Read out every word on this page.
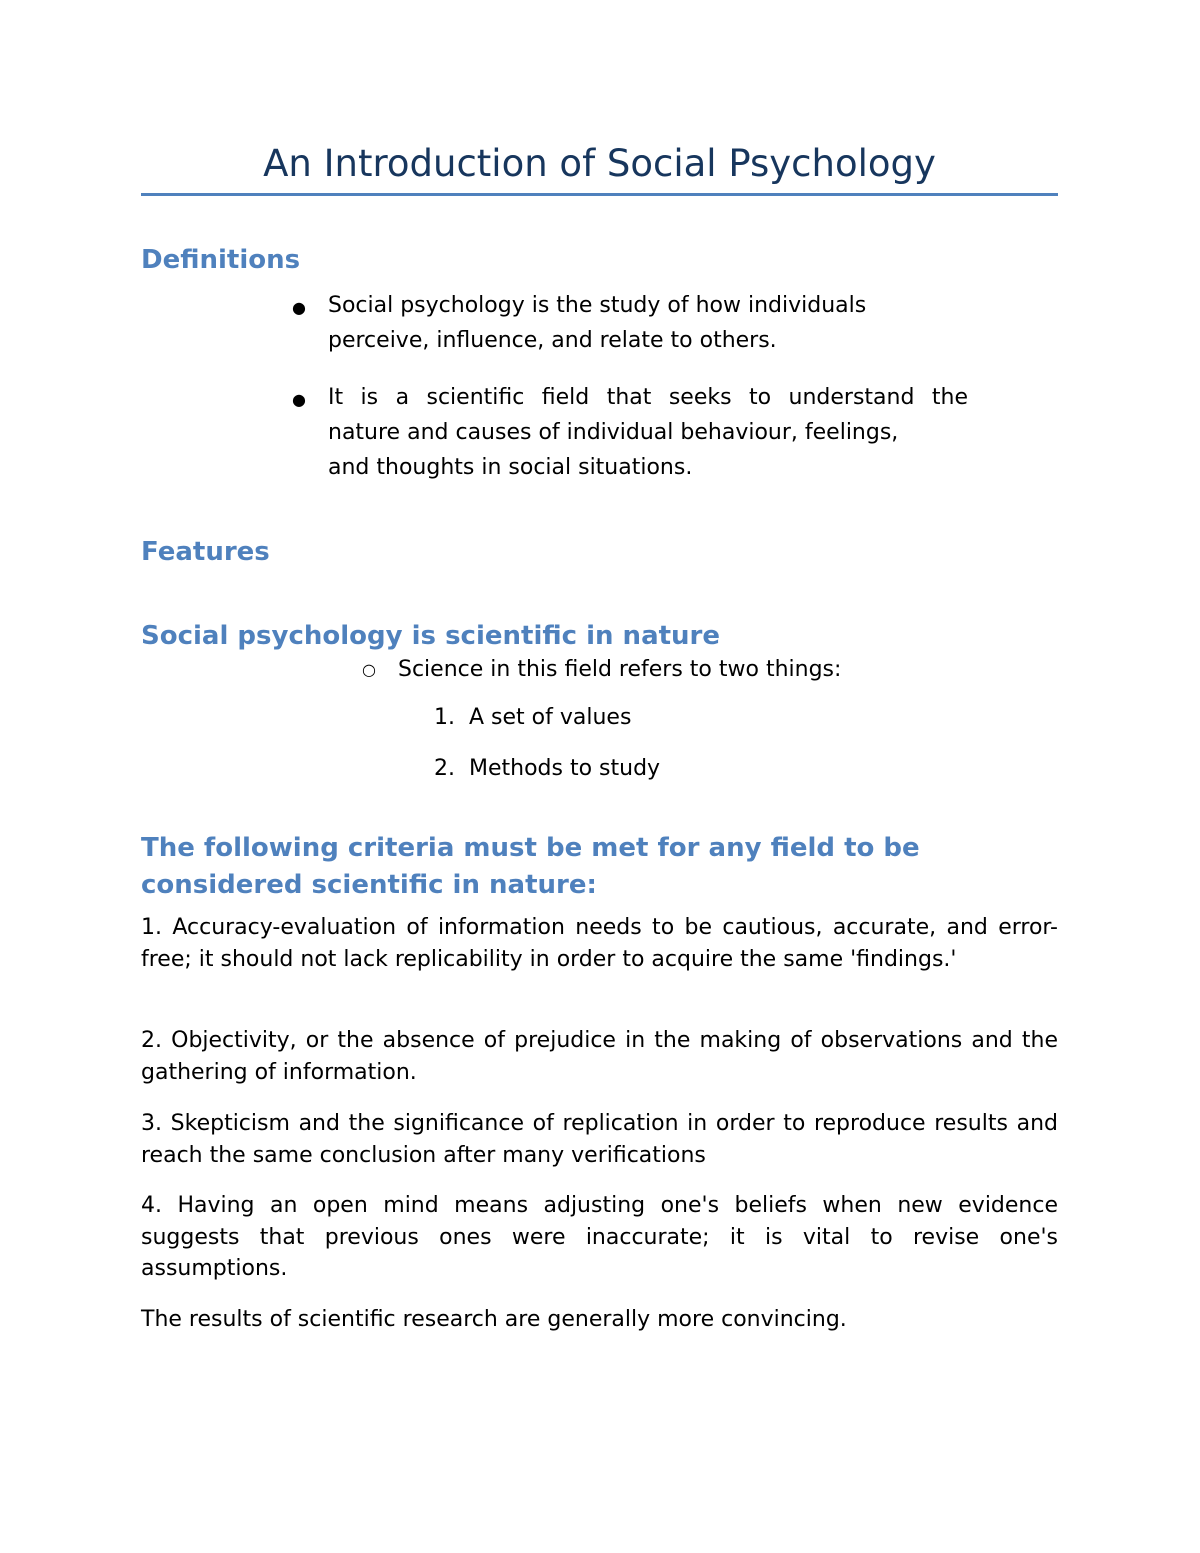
An Introduction of Social Psychology
Definitions
● Social psychology is the study of how individuals
perceive, influence, and relate to others.
● It is a scientific field that seeks to understand the
nature and causes of individual behaviour, feelings,
and thoughts in social situations.
Features
Social psychology is scientific in nature
○ Science in this field refers to two things:
1. A set of values
2. Methods to study
The following criteria must be met for any field to be
considered scientific in nature:
1. Accuracy-evaluation of information needs to be cautious, accurate, and error-free; it should not lack replicability in order to acquire the same 'findings.'
2. Objectivity, or the absence of prejudice in the making of observations and the gathering of information.
3. Skepticism and the significance of replication in order to reproduce results and reach the same conclusion after many verifications
4. Having an open mind means adjusting one's beliefs when new evidence suggests that previous ones were inaccurate; it is vital to revise one's assumptions.
The results of scientific research are generally more convincing.
